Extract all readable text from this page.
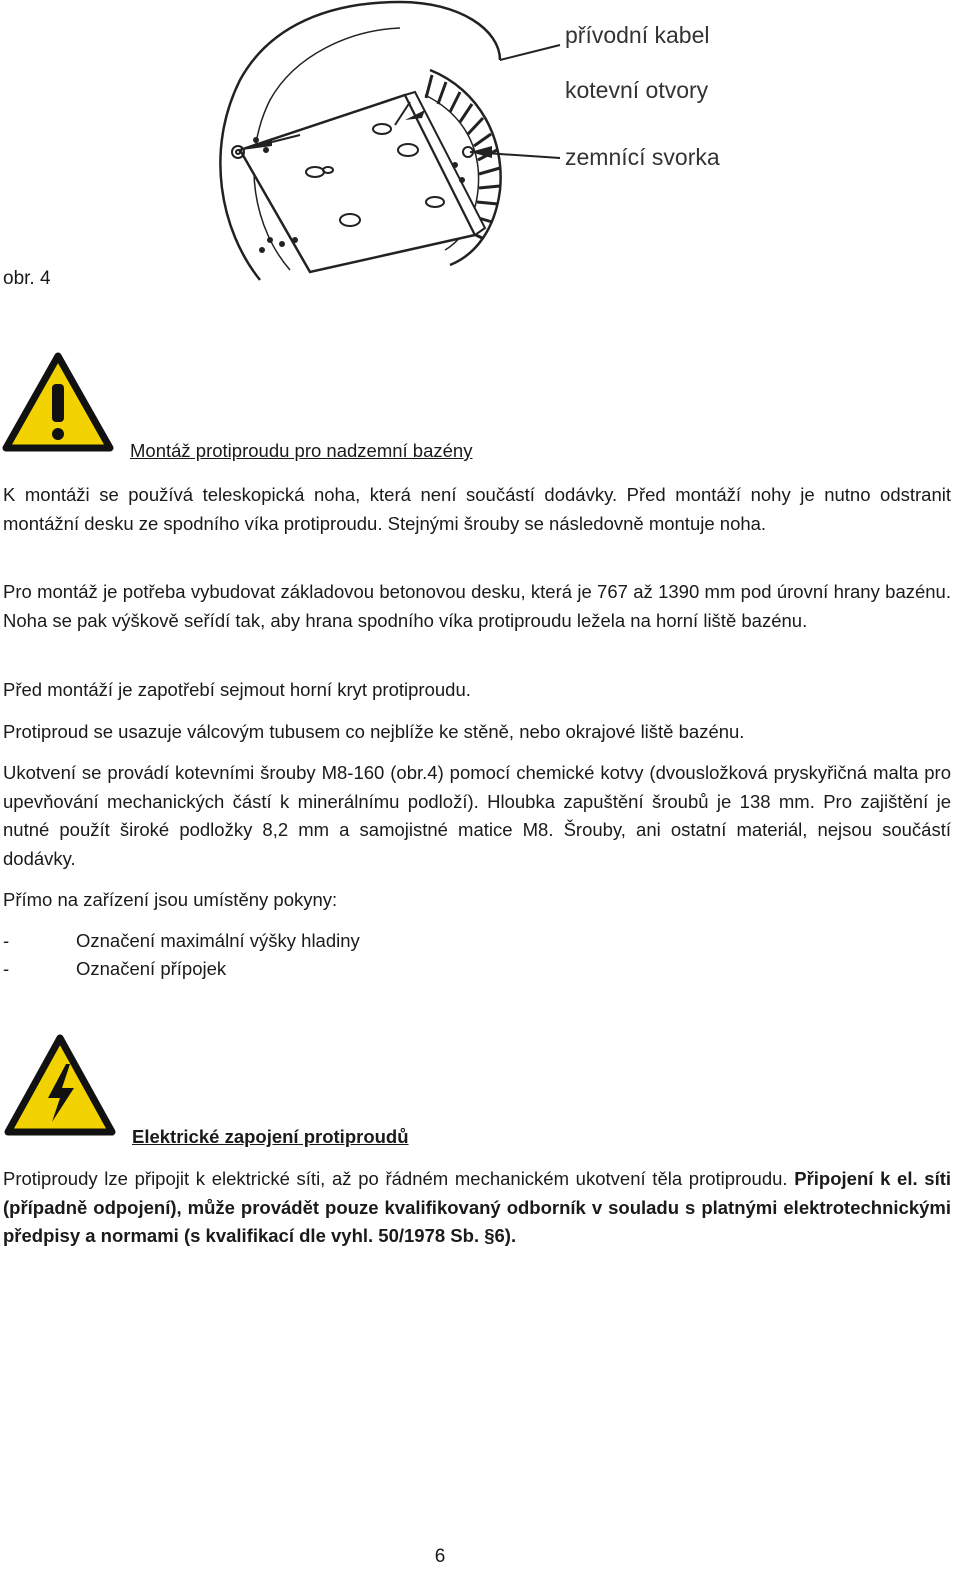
přívodní kabel
kotevní otvory
zemnící svorka
obr. 4
Montáž protiproudu pro nadzemní bazény

K montáži se používá teleskopická noha, která není součástí dodávky. Před montáží nohy je nutno odstranit montážní desku ze spodního víka protiproudu. Stejnými šrouby se následovně montuje noha.

Pro montáž je potřeba vybudovat základovou betonovou desku, která je 767 až 1390 mm pod úrovní hrany bazénu. Noha se pak výškově seřídí tak, aby hrana spodního víka protiproudu ležela na horní liště bazénu.

Před montáží je zapotřebí sejmout horní kryt protiproudu.

Protiproud se usazuje válcovým tubusem co nejblíže ke stěně, nebo okrajové liště bazénu.

Ukotvení se provádí kotevními šrouby M8-160 (obr.4) pomocí chemické kotvy (dvousložková pryskyřičná malta pro upevňování mechanických částí k minerálnímu podloží). Hloubka zapuštění šroubů je 138 mm. Pro zajištění je nutné použít široké podložky 8,2 mm a samojistné matice M8. Šrouby, ani ostatní materiál, nejsou součástí dodávky.

Přímo na zařízení jsou umístěny pokyny:

-	Označení maximální výšky hladiny
-	Označení přípojek
Elektrické zapojení protiproudů

Protiproudy lze připojit k elektrické síti, až po řádném mechanickém ukotvení těla protiproudu. Připojení k el. síti (případně odpojení), může provádět pouze kvalifikovaný odborník v souladu s platnými elektrotechnickými předpisy a normami (s kvalifikací dle vyhl. 50/1978 Sb. §6).

6
